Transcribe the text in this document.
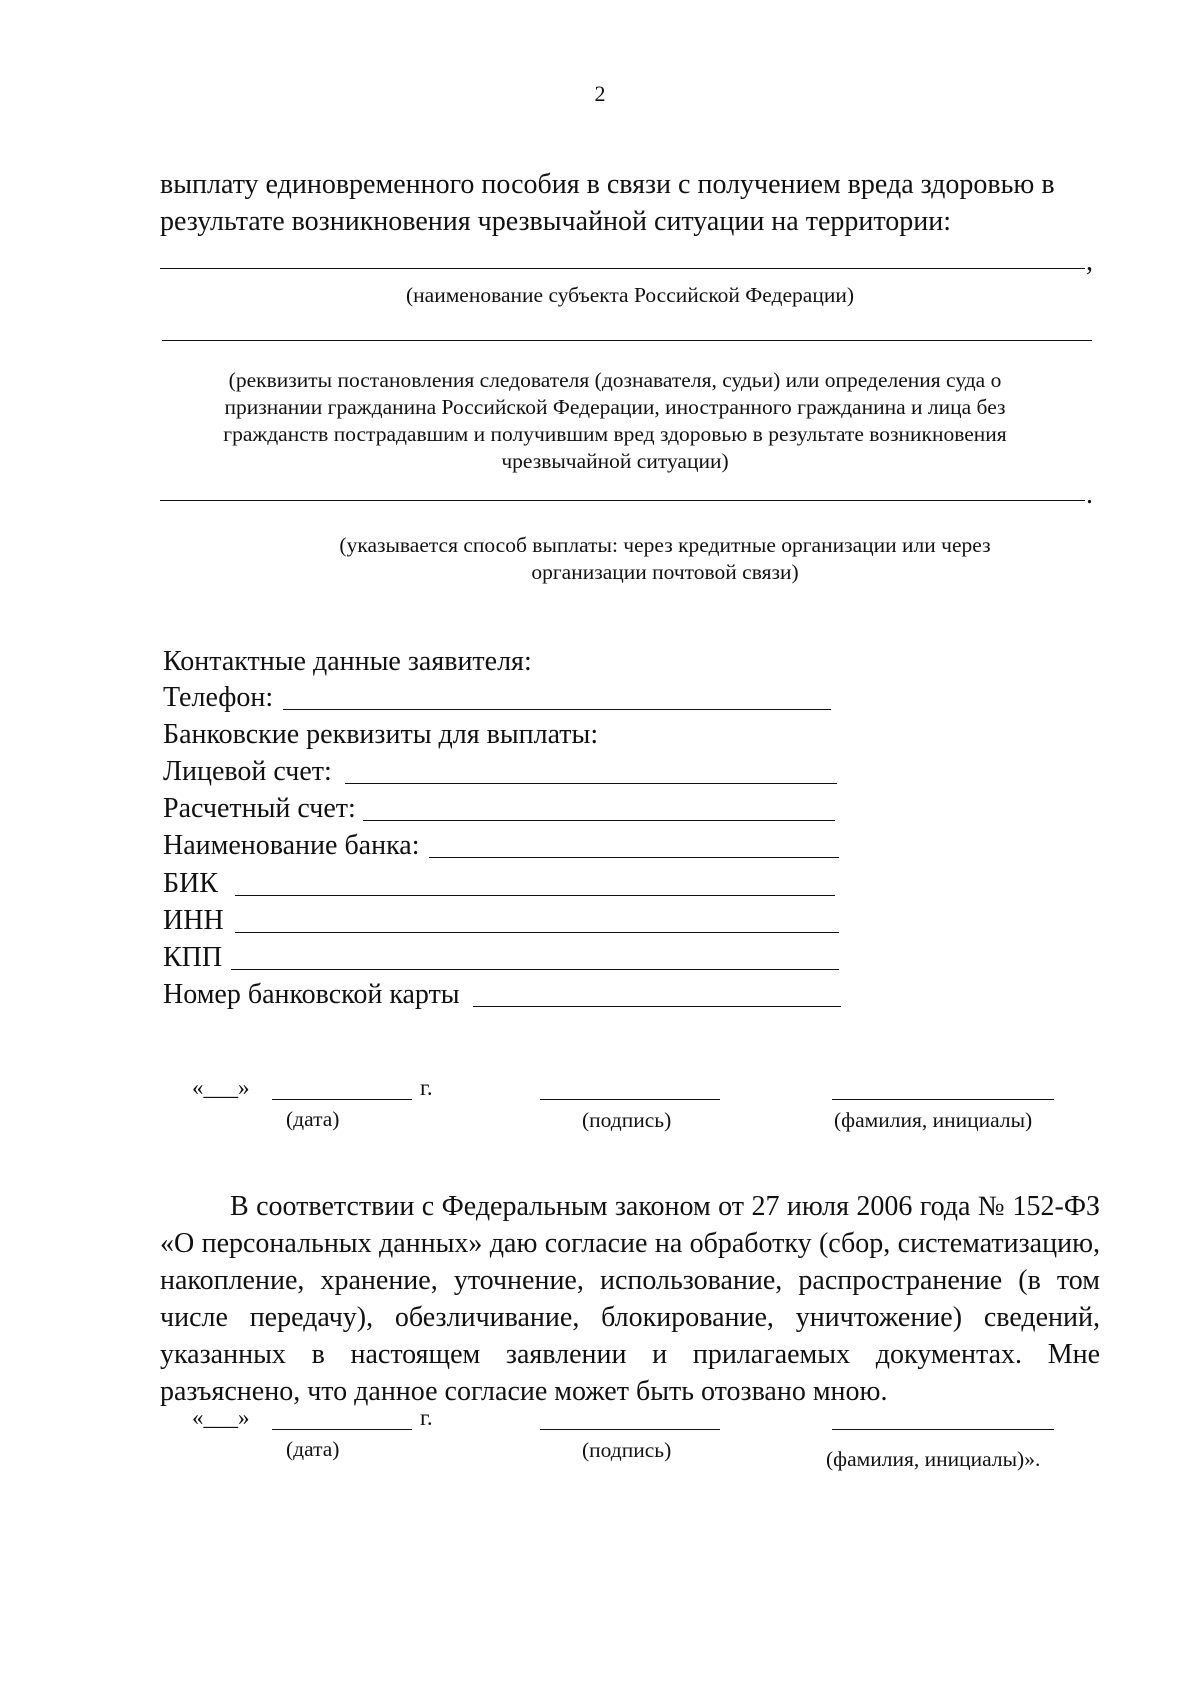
2
выплату единовременного пособия в связи с получением вреда здоровью в
результате возникновения чрезвычайной ситуации на территории:
,
(наименование субъекта Российской Федерации)
(реквизиты постановления следователя (дознавателя, судьи) или определения суда о
признании гражданина Российской Федерации, иностранного гражданина и лица без
гражданств пострадавшим и получившим вред здоровью в результате возникновения
чрезвычайной ситуации)
.
(указывается способ выплаты: через кредитные организации или через
организации почтовой связи)
Контактные данные заявителя:
Телефон:
Банковские реквизиты для выплаты:
Лицевой счет:
Расчетный счет:
Наименование банка:
БИК
ИНН
КПП
Номер банковской карты
«___»	г.
(дата)	(подпись)	(фамилия, инициалы)
В соответствии с Федеральным законом от 27 июля 2006 года № 152-ФЗ «О персональных данных» даю согласие на обработку (сбор, систематизацию, накопление, хранение, уточнение, использование, распространение (в том числе передачу), обезличивание, блокирование, уничтожение) сведений, указанных в настоящем заявлении и прилагаемых документах. Мне разъяснено, что данное согласие может быть отозвано мною.
«___»	г.
(дата)	(подпись)	(фамилия, инициалы)».
